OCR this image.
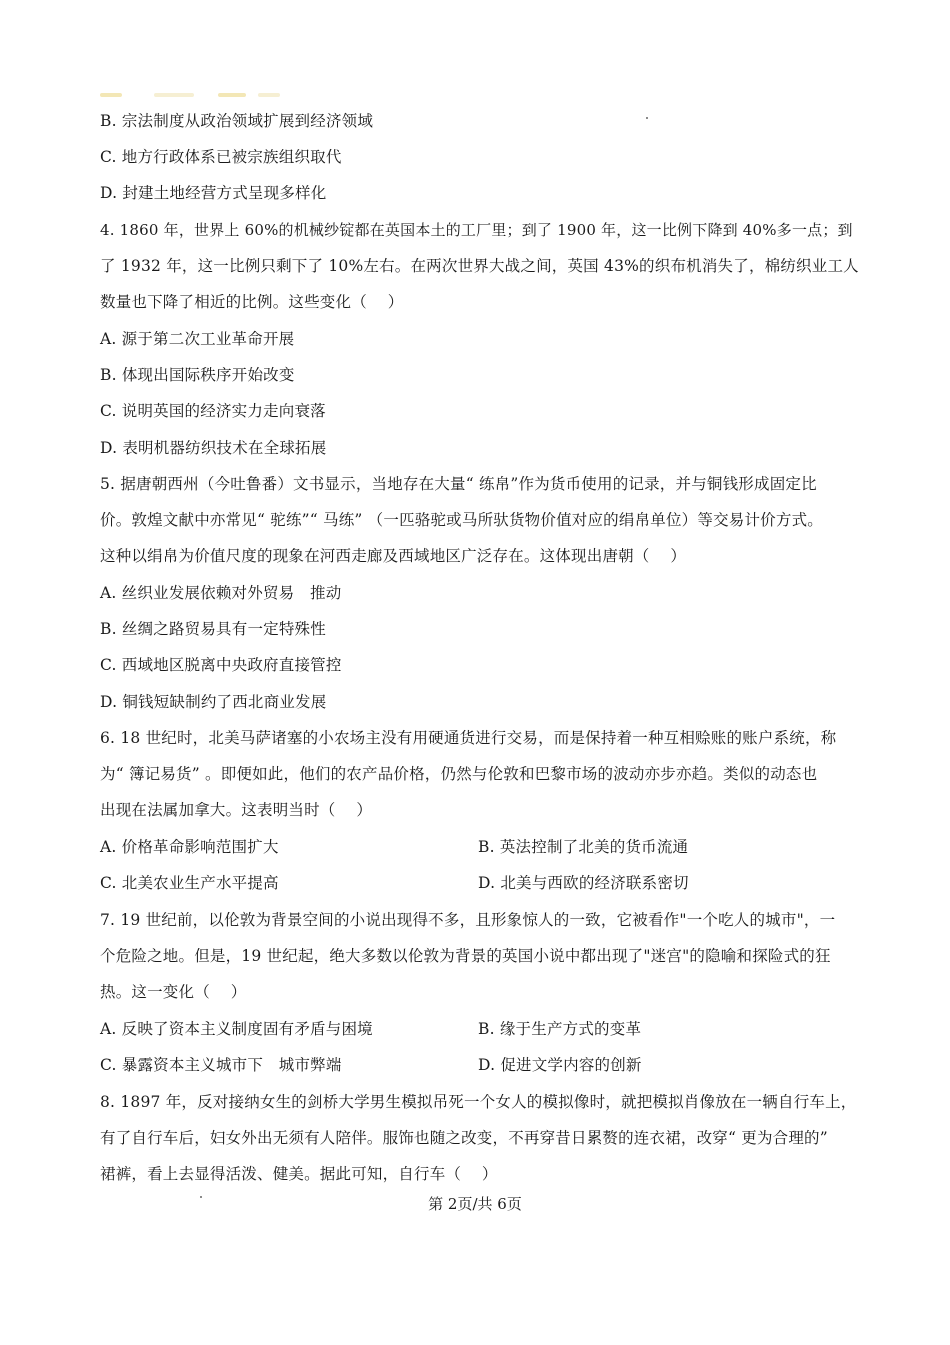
B. 宗法制度从政治领域扩展到经济领域
C. 地方行政体系已被宗族组织取代
D. 封建土地经营方式呈现多样化
4. 1860 年，世界上 60%的机械纱锭都在英国本土的工厂里；到了 1900 年，这一比例下降到 40%多一点；到
了 1932 年，这一比例只剩下了 10%左右。在两次世界大战之间，英国 43%的织布机消失了，棉纺织业工人
数量也下降了相近的比例。这些变化（　 ）
A. 源于第二次工业革命开展
B. 体现出国际秩序开始改变
C. 说明英国的经济实力走向衰落
D. 表明机器纺织技术在全球拓展
5. 据唐朝西州（今吐鲁番）文书显示，当地存在大量“ 练帛”作为货币使用的记录，并与铜钱形成固定比
价。敦煌文献中亦常见“ 驼练”“ 马练” （一匹骆驼或马所驮货物价值对应的绢帛单位）等交易计价方式。
这种以绢帛为价值尺度的现象在河西走廊及西域地区广泛存在。这体现出唐朝（　 ）
A. 丝织业发展依赖对外贸易　推动
B. 丝绸之路贸易具有一定特殊性
C. 西域地区脱离中央政府直接管控
D. 铜钱短缺制约了西北商业发展
6. 18 世纪时，北美马萨诸塞的小农场主没有用硬通货进行交易，而是保持着一种互相赊账的账户系统，称
为“ 簿记易货” 。即便如此，他们的农产品价格，仍然与伦敦和巴黎市场的波动亦步亦趋。类似的动态也
出现在法属加拿大。这表明当时（　 ）
A. 价格革命影响范围扩大	B. 英法控制了北美的货币流通
C. 北美农业生产水平提高	D. 北美与西欧的经济联系密切
7. 19 世纪前，以伦敦为背景空间的小说出现得不多，且形象惊人的一致，它被看作"一个吃人的城市"，一
个危险之地。但是，19 世纪起，绝大多数以伦敦为背景的英国小说中都出现了"迷宫"的隐喻和探险式的狂
热。这一变化（　 ）
A. 反映了资本主义制度固有矛盾与困境	B. 缘于生产方式的变革
C. 暴露资本主义城市下　城市弊端	D. 促进文学内容的创新
8. 1897 年，反对接纳女生的剑桥大学男生模拟吊死一个女人的模拟像时，就把模拟肖像放在一辆自行车上，
有了自行车后，妇女外出无须有人陪伴。服饰也随之改变，不再穿昔日累赘的连衣裙，改穿“ 更为合理的”
裙裤，看上去显得活泼、健美。据此可知，自行车（　 ）
第 2页/共 6页
